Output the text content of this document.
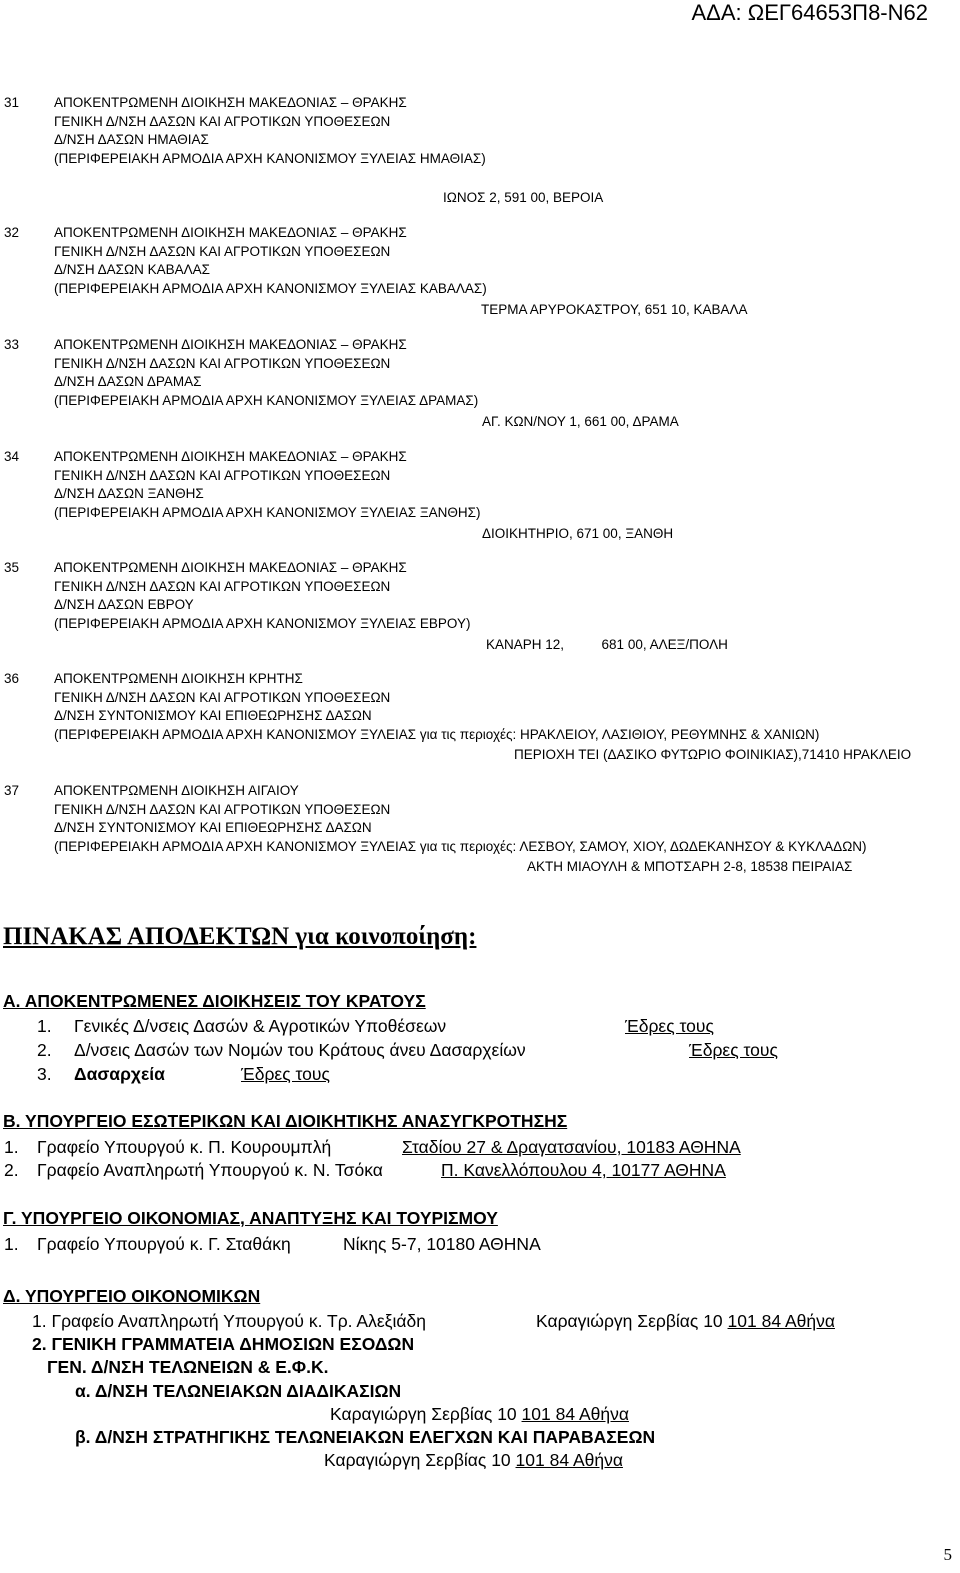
ΑΔΑ: ΩΕΓ64653Π8-Ν62
31	ΑΠΟΚΕΝΤΡΩΜΕΝΗ ΔΙΟΙΚΗΣΗ ΜΑΚΕΔΟΝΙΑΣ – ΘΡΑΚΗΣ
ΓΕΝΙΚΗ Δ/ΝΣΗ ΔΑΣΩΝ ΚΑΙ ΑΓΡΟΤΙΚΩΝ ΥΠΟΘΕΣΕΩΝ
Δ/ΝΣΗ ΔΑΣΩΝ ΗΜΑΘΙΑΣ
(ΠΕΡΙΦΕΡΕΙΑΚΗ ΑΡΜΟΔΙΑ ΑΡΧΗ ΚΑΝΟΝΙΣΜΟΥ ΞΥΛΕΙΑΣ ΗΜΑΘΙΑΣ)
ΙΩΝΟΣ 2, 591 00, ΒΕΡΟΙΑ
32	ΑΠΟΚΕΝΤΡΩΜΕΝΗ ΔΙΟΙΚΗΣΗ ΜΑΚΕΔΟΝΙΑΣ – ΘΡΑΚΗΣ
ΓΕΝΙΚΗ Δ/ΝΣΗ ΔΑΣΩΝ ΚΑΙ ΑΓΡΟΤΙΚΩΝ ΥΠΟΘΕΣΕΩΝ
Δ/ΝΣΗ ΔΑΣΩΝ ΚΑΒΑΛΑΣ
(ΠΕΡΙΦΕΡΕΙΑΚΗ ΑΡΜΟΔΙΑ ΑΡΧΗ ΚΑΝΟΝΙΣΜΟΥ ΞΥΛΕΙΑΣ ΚΑΒΑΛΑΣ)
ΤΕΡΜΑ ΑΡΥΡΟΚΑΣΤΡΟΥ, 651 10, ΚΑΒΑΛΑ
33	ΑΠΟΚΕΝΤΡΩΜΕΝΗ ΔΙΟΙΚΗΣΗ ΜΑΚΕΔΟΝΙΑΣ – ΘΡΑΚΗΣ
ΓΕΝΙΚΗ Δ/ΝΣΗ ΔΑΣΩΝ ΚΑΙ ΑΓΡΟΤΙΚΩΝ ΥΠΟΘΕΣΕΩΝ
Δ/ΝΣΗ ΔΑΣΩΝ ΔΡΑΜΑΣ
(ΠΕΡΙΦΕΡΕΙΑΚΗ ΑΡΜΟΔΙΑ ΑΡΧΗ ΚΑΝΟΝΙΣΜΟΥ ΞΥΛΕΙΑΣ ΔΡΑΜΑΣ)
ΑΓ. ΚΩΝ/ΝΟΥ 1, 661 00, ΔΡΑΜΑ
34	ΑΠΟΚΕΝΤΡΩΜΕΝΗ ΔΙΟΙΚΗΣΗ ΜΑΚΕΔΟΝΙΑΣ – ΘΡΑΚΗΣ
ΓΕΝΙΚΗ Δ/ΝΣΗ ΔΑΣΩΝ ΚΑΙ ΑΓΡΟΤΙΚΩΝ ΥΠΟΘΕΣΕΩΝ
Δ/ΝΣΗ ΔΑΣΩΝ ΞΑΝΘΗΣ
(ΠΕΡΙΦΕΡΕΙΑΚΗ ΑΡΜΟΔΙΑ ΑΡΧΗ ΚΑΝΟΝΙΣΜΟΥ ΞΥΛΕΙΑΣ ΞΑΝΘΗΣ)
ΔΙΟΙΚΗΤΗΡΙΟ, 671 00, ΞΑΝΘΗ
35	ΑΠΟΚΕΝΤΡΩΜΕΝΗ ΔΙΟΙΚΗΣΗ ΜΑΚΕΔΟΝΙΑΣ – ΘΡΑΚΗΣ
ΓΕΝΙΚΗ Δ/ΝΣΗ ΔΑΣΩΝ ΚΑΙ ΑΓΡΟΤΙΚΩΝ ΥΠΟΘΕΣΕΩΝ
Δ/ΝΣΗ ΔΑΣΩΝ ΕΒΡΟΥ
(ΠΕΡΙΦΕΡΕΙΑΚΗ ΑΡΜΟΔΙΑ ΑΡΧΗ ΚΑΝΟΝΙΣΜΟΥ ΞΥΛΕΙΑΣ ΕΒΡΟΥ)
ΚΑΝΑΡΗ 12,          681 00, ΑΛΕΞ/ΠΟΛΗ
36	ΑΠΟΚΕΝΤΡΩΜΕΝΗ ΔΙΟΙΚΗΣΗ ΚΡΗΤΗΣ
ΓΕΝΙΚΗ Δ/ΝΣΗ ΔΑΣΩΝ ΚΑΙ ΑΓΡΟΤΙΚΩΝ ΥΠΟΘΕΣΕΩΝ
Δ/ΝΣΗ ΣΥΝΤΟΝΙΣΜΟΥ ΚΑΙ ΕΠΙΘΕΩΡΗΣΗΣ ΔΑΣΩΝ
(ΠΕΡΙΦΕΡΕΙΑΚΗ ΑΡΜΟΔΙΑ ΑΡΧΗ ΚΑΝΟΝΙΣΜΟΥ ΞΥΛΕΙΑΣ για τις περιοχές: ΗΡΑΚΛΕΙΟΥ, ΛΑΣΙΘΙΟΥ, ΡΕΘΥΜΝΗΣ & ΧΑΝΙΩΝ)
ΠΕΡΙΟΧΗ ΤΕΙ (ΔΑΣΙΚΟ ΦΥΤΩΡΙΟ ΦΟΙΝΙΚΙΑΣ),71410 ΗΡΑΚΛΕΙΟ
37	ΑΠΟΚΕΝΤΡΩΜΕΝΗ ΔΙΟΙΚΗΣΗ ΑΙΓΑΙΟΥ
ΓΕΝΙΚΗ Δ/ΝΣΗ ΔΑΣΩΝ ΚΑΙ ΑΓΡΟΤΙΚΩΝ ΥΠΟΘΕΣΕΩΝ
Δ/ΝΣΗ ΣΥΝΤΟΝΙΣΜΟΥ ΚΑΙ ΕΠΙΘΕΩΡΗΣΗΣ ΔΑΣΩΝ
(ΠΕΡΙΦΕΡΕΙΑΚΗ ΑΡΜΟΔΙΑ ΑΡΧΗ ΚΑΝΟΝΙΣΜΟΥ ΞΥΛΕΙΑΣ για τις περιοχές: ΛΕΣΒΟΥ, ΣΑΜΟΥ, ΧΙΟΥ, ΔΩΔΕΚΑΝΗΣΟΥ & ΚΥΚΛΑΔΩΝ)
ΑΚΤΗ ΜΙΑΟΥΛΗ & ΜΠΟΤΣΑΡΗ 2-8, 18538 ΠΕΙΡΑΙΑΣ
ΠΙΝΑΚΑΣ ΑΠΟΔΕΚΤΩΝ για κοινοποίηση:
Α. ΑΠΟΚΕΝΤΡΩΜΕΝΕΣ ΔΙΟΙΚΗΣΕΙΣ ΤΟΥ ΚΡΑΤΟΥΣ
1. Γενικές Δ/νσεις Δασών & Αγροτικών Υποθέσεων	Έδρες τους
2. Δ/νσεις Δασών των Νομών του Κράτους άνευ Δασαρχείων	Έδρες τους
3. Δασαρχεία	Έδρες τους
Β. ΥΠΟΥΡΓΕΙΟ ΕΣΩΤΕΡΙΚΩΝ ΚΑΙ ΔΙΟΙΚΗΤΙΚΗΣ ΑΝΑΣΥΓΚΡΟΤΗΣΗΣ
1. Γραφείο Υπουργού κ. Π. Κουρουμπλή	Σταδίου 27 & Δραγατσανίου, 10183 ΑΘΗΝΑ
2. Γραφείο Αναπληρωτή Υπουργού κ. Ν. Τσόκα	Π. Κανελλόπουλου 4, 10177 ΑΘΗΝΑ
Γ. ΥΠΟΥΡΓΕΙΟ ΟΙΚΟΝΟΜΙΑΣ, ΑΝΑΠΤΥΞΗΣ ΚΑΙ ΤΟΥΡΙΣΜΟΥ
1. Γραφείο Υπουργού κ. Γ. Σταθάκη	Νίκης 5-7, 10180 ΑΘΗΝΑ
Δ. ΥΠΟΥΡΓΕΙΟ ΟΙΚΟΝΟΜΙΚΩΝ
1. Γραφείο Αναπληρωτή Υπουργού κ. Τρ. Αλεξιάδη	Καραγιώργη Σερβίας 10 101 84 Αθήνα
2. ΓΕΝΙΚΗ ΓΡΑΜΜΑΤΕΙΑ ΔΗΜΟΣΙΩΝ ΕΣΟΔΩΝ
ΓΕΝ. Δ/ΝΣΗ ΤΕΛΩΝΕΙΩΝ & Ε.Φ.Κ.
α. Δ/ΝΣΗ ΤΕΛΩΝΕΙΑΚΩΝ ΔΙΑΔΙΚΑΣΙΩΝ
Καραγιώργη Σερβίας 10 101 84 Αθήνα
β. Δ/ΝΣΗ ΣΤΡΑΤΗΓΙΚΗΣ ΤΕΛΩΝΕΙΑΚΩΝ ΕΛΕΓΧΩΝ ΚΑΙ ΠΑΡΑΒΑΣΕΩΝ
Καραγιώργη Σερβίας 10 101 84 Αθήνα
5
